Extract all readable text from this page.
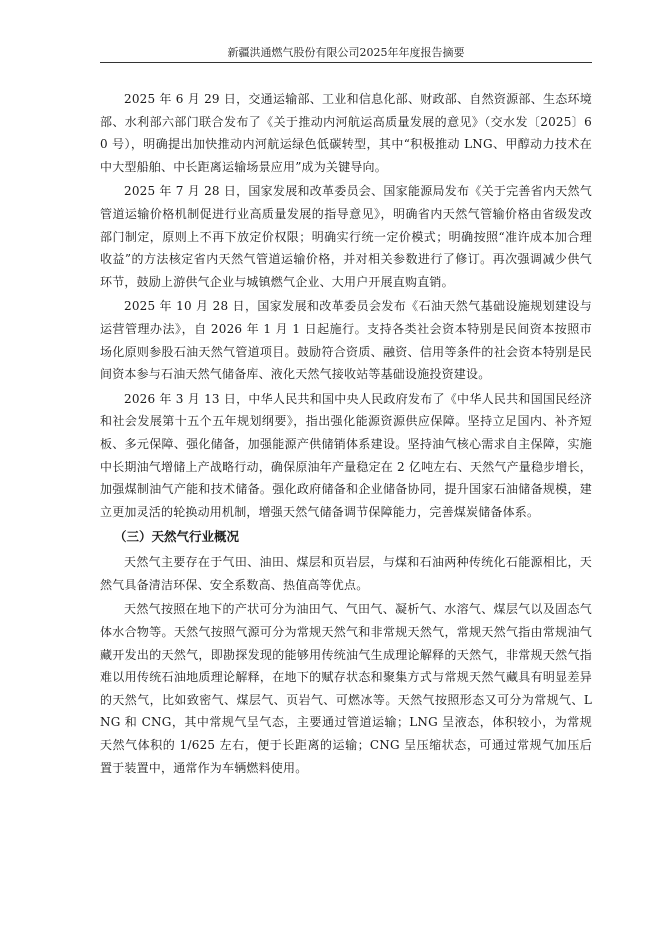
新疆洪通燃气股份有限公司2025年年度报告摘要

2025 年 6 月 29 日，交通运输部、工业和信息化部、财政部、自然资源部、生态环境部、水利部六部门联合发布了《关于推动内河航运高质量发展的意见》（交水发〔2025〕60 号），明确提出加快推动内河航运绿色低碳转型，其中“积极推动 LNG、甲醇动力技术在中大型船舶、中长距离运输场景应用”成为关键导向。

2025 年 7 月 28 日，国家发展和改革委员会、国家能源局发布《关于完善省内天然气管道运输价格机制促进行业高质量发展的指导意见》，明确省内天然气管输价格由省级发改部门制定，原则上不再下放定价权限；明确实行统一定价模式；明确按照“准许成本加合理收益”的方法核定省内天然气管道运输价格，并对相关参数进行了修订。再次强调减少供气环节，鼓励上游供气企业与城镇燃气企业、大用户开展直购直销。

2025 年 10 月 28 日，国家发展和改革委员会发布《石油天然气基础设施规划建设与运营管理办法》，自 2026 年 1 月 1 日起施行。支持各类社会资本特别是民间资本按照市场化原则参股石油天然气管道项目。鼓励符合资质、融资、信用等条件的社会资本特别是民间资本参与石油天然气储备库、液化天然气接收站等基础设施投资建设。

2026 年 3 月 13 日，中华人民共和国中央人民政府发布了《中华人民共和国国民经济和社会发展第十五个五年规划纲要》，指出强化能源资源供应保障。坚持立足国内、补齐短板、多元保障、强化储备，加强能源产供储销体系建设。坚持油气核心需求自主保障，实施中长期油气增储上产战略行动，确保原油年产量稳定在 2 亿吨左右、天然气产量稳步增长，加强煤制油气产能和技术储备。强化政府储备和企业储备协同，提升国家石油储备规模，建立更加灵活的轮换动用机制，增强天然气储备调节保障能力，完善煤炭储备体系。

（三）天然气行业概况

天然气主要存在于气田、油田、煤层和页岩层，与煤和石油两种传统化石能源相比，天然气具备清洁环保、安全系数高、热值高等优点。

天然气按照在地下的产状可分为油田气、气田气、凝析气、水溶气、煤层气以及固态气体水合物等。天然气按照气源可分为常规天然气和非常规天然气，常规天然气指由常规油气藏开发出的天然气，即勘探发现的能够用传统油气生成理论解释的天然气，非常规天然气指难以用传统石油地质理论解释，在地下的赋存状态和聚集方式与常规天然气藏具有明显差异的天然气，比如致密气、煤层气、页岩气、可燃冰等。天然气按照形态又可分为常规气、LNG 和 CNG，其中常规气呈气态，主要通过管道运输；LNG 呈液态，体积较小，为常规天然气体积的 1/625 左右，便于长距离的运输；CNG 呈压缩状态，可通过常规气加压后置于装置中，通常作为车辆燃料使用。
